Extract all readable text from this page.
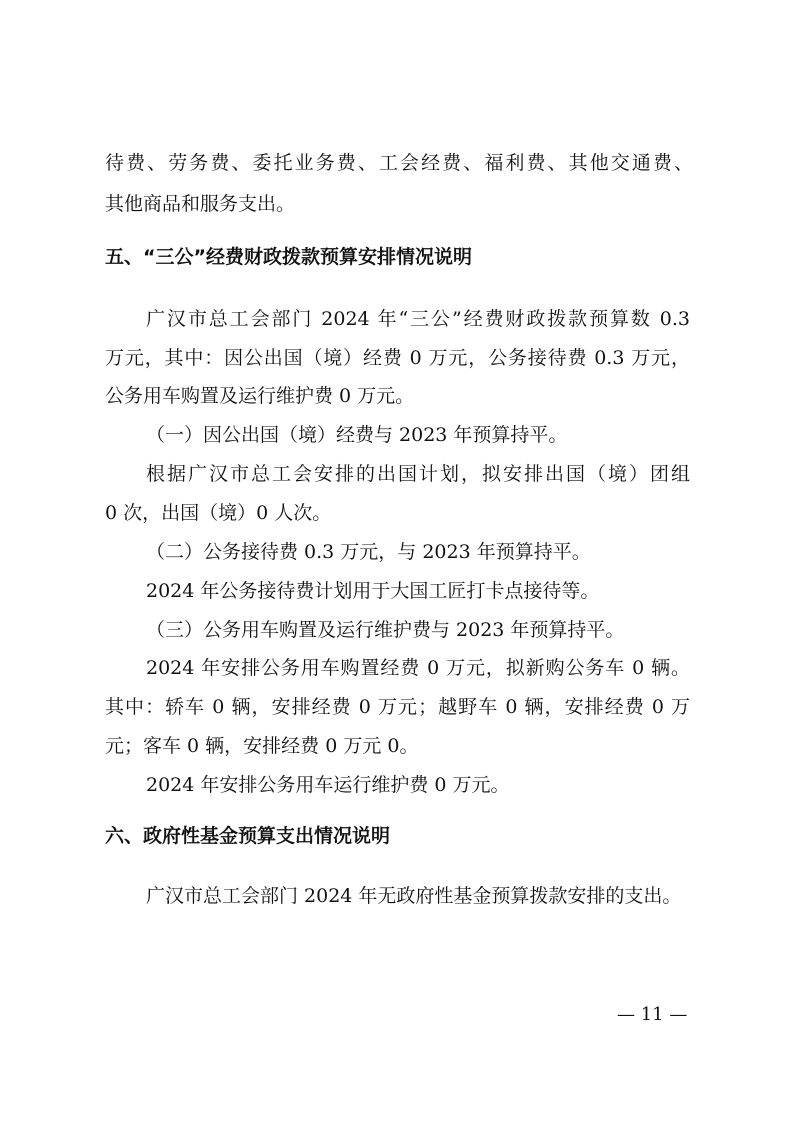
待费、劳务费、委托业务费、工会经费、福利费、其他交通费、
其他商品和服务支出。
五、“三公”经费财政拨款预算安排情况说明
广汉市总工会部门 2024 年“三公”经费财政拨款预算数 0.3
万元，其中：因公出国（境）经费 0 万元，公务接待费 0.3 万元，
公务用车购置及运行维护费 0 万元。
（一）因公出国（境）经费与 2023 年预算持平。
根据广汉市总工会安排的出国计划，拟安排出国（境）团组
0 次，出国（境）0 人次。
（二）公务接待费 0.3 万元，与 2023 年预算持平。
2024 年公务接待费计划用于大国工匠打卡点接待等。
（三）公务用车购置及运行维护费与 2023 年预算持平。
2024 年安排公务用车购置经费 0 万元，拟新购公务车 0 辆。
其中：轿车 0 辆，安排经费 0 万元；越野车 0 辆，安排经费 0 万
元；客车 0 辆，安排经费 0 万元 0。
2024 年安排公务用车运行维护费 0 万元。
六、政府性基金预算支出情况说明
广汉市总工会部门 2024 年无政府性基金预算拨款安排的支出。
— 11 —
